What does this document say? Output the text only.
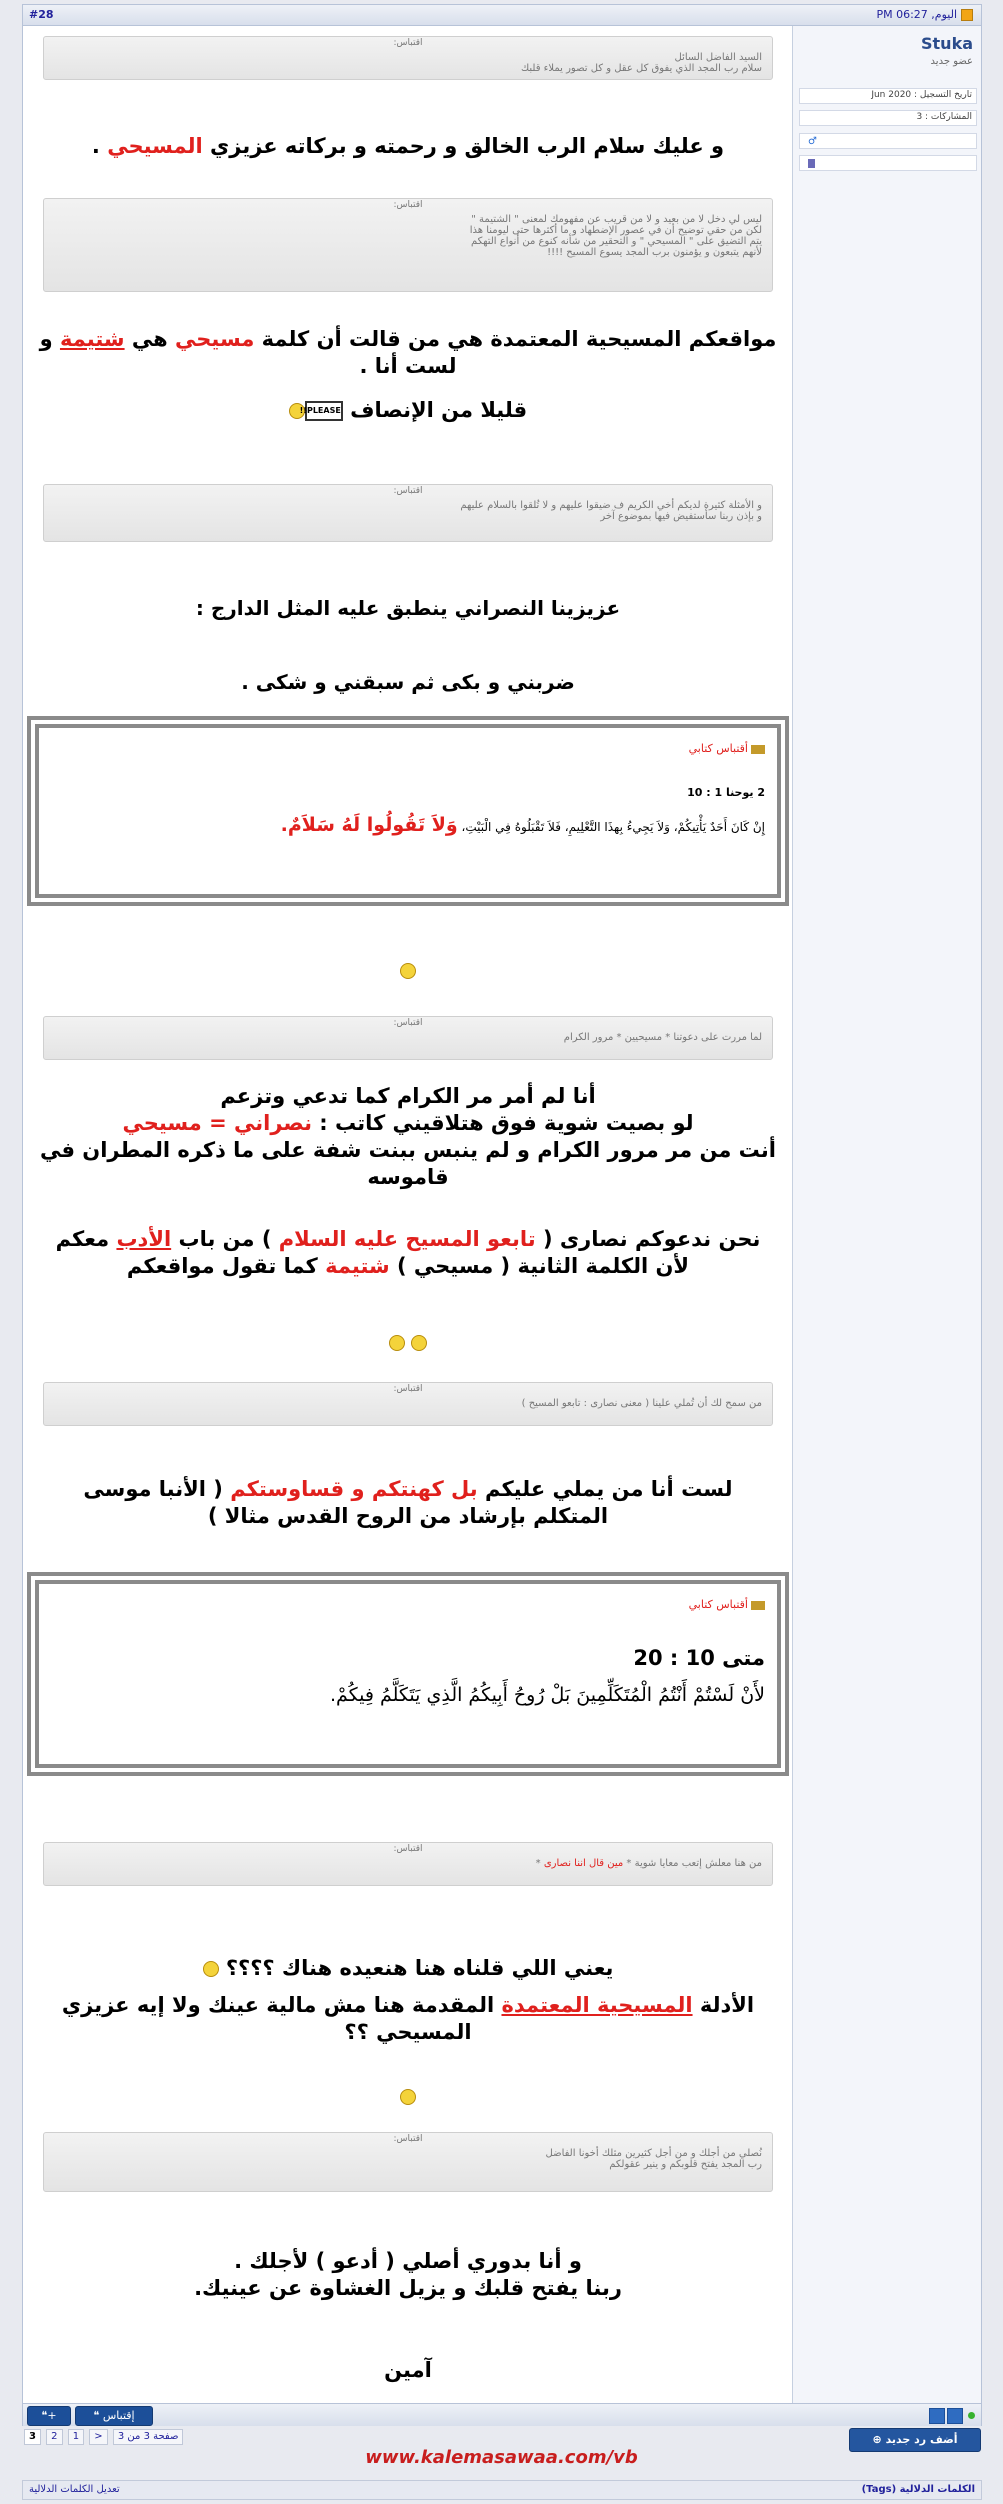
#28	اليوم, 06:27 PM
Stuka
عضو جديد
تاريخ التسجيل : Jun 2020
المشاركات : 3
♂
اقتباس:
السيد الفاضل السائل
سلام رب المجد الذي يفوق كل عقل و كل تصور يملاء قلبك
و عليك سلام الرب الخالق و رحمته و بركاته عزيزي المسيحي .
اقتباس:
ليس لي دخل لا من بعيد و لا من قريب عن مفهومك لمعنى " الشتيمة "
لكن من حقي توضيح أن في عصور الإضطهاد و ما أكثرها حتى ليومنا هذا
يتم التضيق على " المسيحي " و التحقير من شأنه كنوع من أنواع التهكم
لأنهم يتبعون و يؤمنون برب المجد يسوع المسيح !!!!
مواقعكم المسيحية المعتمدة هي من قالت أن كلمة مسيحي هي شتيمة و لست أنا .
قليلا من الإنصاف PLEASE!!
اقتباس:
و الأمثلة كثيرة لديكم أخي الكريم ف ضيقوا عليهم و لا تُلقوا بالسلام عليهم
و بإذن ربنا سأستفيض فيها بموضوع آخر
عزيزينا النصراني ينطبق عليه المثل الدارج :
ضربني و بكى ثم سبقني و شكى .
أقتباس كتابي
2 يوحنا 1 : 10
إِنْ كَانَ أَحَدٌ يَأْتِيكُمْ، وَلاَ يَجِيءُ بِهذَا التَّعْلِيمِ، فَلاَ تَقْبَلُوهُ فِي الْبَيْتِ، وَلاَ تَقُولُوا لَهُ سَلاَمٌ.
اقتباس:
لما مررت على دعوتنا * مسيحيين * مرور الكرام
أنا لم أمر مر الكرام كما تدعي وتزعم
لو بصيت شوية فوق هتلاقيني كاتب : نصراني = مسيحي
أنت من مر مرور الكرام و لم ينبس ببنت شفة على ما ذكره المطران في قاموسه
نحن ندعوكم نصارى ( تابعو المسيح عليه السلام ) من باب الأدب معكم
لأن الكلمة الثانية ( مسيحي ) شتيمة كما تقول مواقعكم

اقتباس:
من سمح لك أن تُملي علينا ( معنى نصارى : تابعو المسيح )
لست أنا من يملي عليكم بل كهنتكم و قساوستكم ( الأنبا موسى المتكلم بإرشاد من الروح القدس مثالا )
أقتباس كتابي
متى 10 : 20
لأَنْ لَسْتُمْ أَنْتُمُ الْمُتَكَلِّمِينَ بَلْ رُوحُ أَبِيكُمُ الَّذِي يَتَكَلَّمُ فِيكُمْ.
اقتباس:
من هنا معلش إتعب معايا شوية * مين قال اننا نصارى *
يعني اللي قلناه هنا هنعيده هناك ؟؟؟؟
الأدلة المسيحية المعتمدة المقدمة هنا مش مالية عينك ولا إيه عزيزي المسيحي ؟؟
اقتباس:
نُصلي من أجلك و من أجل كثيرين مثلك أخونا الفاضل
رب المجد يفتح قلوبكم و ينير عقولكم
و أنا بدوري أصلي ( أدعو ) لأجلك .
ربنا يفتح قلبك و يزيل الغشاوة عن عينيك.
آمين
❝+	إقتباس ❝
صفحة 3 من 3 < 1 2 3	أضف رد جديد ⊕
www.kalemasawaa.com/vb
الكلمات الدلالية (Tags)
تعديل الكلمات الدلالية
